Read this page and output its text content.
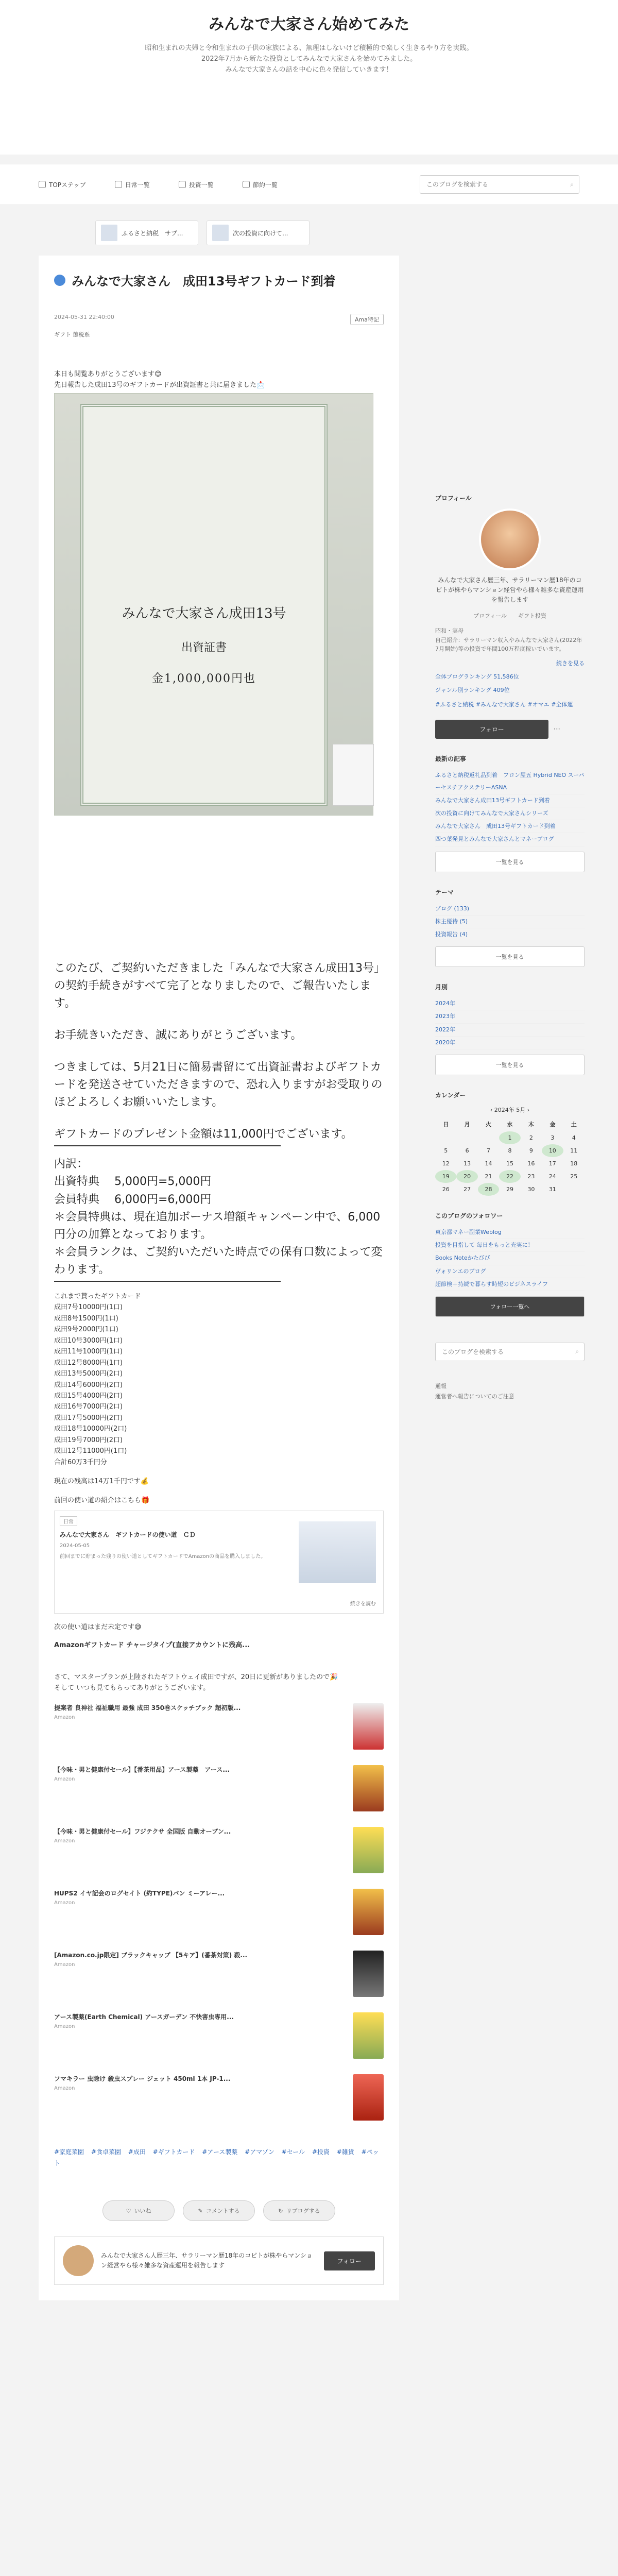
みんなで大家さん始めてみた
昭和生まれの夫婦と令和生まれの子供の家族による、無理はしないけど積極的で楽しく生きるやり方を実践。
2022年7月から新たな投資としてみんなで大家さんを始めてみました。
みんなで大家さんの話を中心に色々発信していきます！
TOPステップ	日常一覧	投資一覧	節約一覧
このブログを検索する	⌕
ふるさと納税　サプ...	次の投資に向けて...
みんなで大家さん　成田13号ギフトカード到着
2024-05-31 22:40:00	Ama特記
ギフト 節税系
本日も閲覧ありがとうございます😊
先日報告した成田13号のギフトカードが出資証書と共に届きました📩
みんなで大家さん成田13号
出資証書
金1,000,000円也

このたび、ご契約いただきました「みんなで大家さん成田13号」の契約手続きがすべて完了となりましたので、ご報告いたします。

お手続きいただき、誠にありがとうございます。

つきましては、5月21日に簡易書留にて出資証書およびギフトカードを発送させていただきますので、恐れ入りますがお受取りのほどよろしくお願いいたします。

ギフトカードのプレゼント金額は11,000円でございます。

内訳：
出資特典　 5,000円=5,000円
会員特典　 6,000円=6,000円
＊会員特典は、現在追加ボーナス増額キャンペーン中で、6,000円分の加算となっております。
＊会員ランクは、ご契約いただいた時点での保有口数によって変わります。
これまで貰ったギフトカード
成田7号10000円(1口)
成田8号1500円(1口)
成田9号2000円(1口)
成田10号3000円(1口)
成田11号1000円(1口)
成田12号8000円(1口)
成田13号5000円(2口)
成田14号6000円(2口)
成田15号4000円(2口)
成田16号7000円(2口)
成田17号5000円(2口)
成田18号10000円(2口)
成田19号7000円(2口)
成田12号11000円(1口)
合計60万3千円分
現在の残高は14万1千円です💰
前回の使い道の紹介はこちら🎁
日常
みんなで大家さん　ギフトカードの使い道　ＣＤ
2024-05-05
前回までに貯まった残りの使い道としてギフトカードでAmazonの商品を購入しました。
続きを読む
次の使い道はまだ未定です😅
Amazonギフトカード チャージタイプ(直接アカウントに残高...
さて、マスタープランが上陸されたギフトウェイ成田ですが、20日に更新がありましたので🎉
そして いつも見てもらってありがとうございます。
提案者 良神社 福祉職用 最強 成田 350巻スケッチブック 超初版...
Amazon
【今味・男と健康付セール】【番茶用品】アース製薬　アース...
Amazon
【今味・男と健康付セール】フジテクサ 全国版 自動オーブン...
Amazon
HUPS2 イヤ記会のログセイト (約TYPE)パン ミーアレー...
Amazon
[Amazon.co.jp限定] ブラックキャップ 【5キア】(番茶対策) 殺...
Amazon
アース製薬(Earth Chemical) アースガーデン 不快害虫専用...
Amazon
フマキラー 虫除け 殺虫スプレー ジェット 450ml 1本 JP-1...
Amazon
#家庭菜園 #食卓菜園 #成田 #ギフトカード #アース製薬 #アマゾン #セール #投資 #雑貨 #ペット
♡ いいね	✎ コメントする	↻ リブログする
みんなで大家さん人歴三年、サラリーマン歴18年のコビトが株やらマンション経営やら様々雑多な資産運用を報告します
フォロー
プロフィール
みんなで大家さん歴三年、サラリーマン歴18年のコビトが株やらマンション経営やら様々雑多な資産運用を報告します
プロフィール　　ギフト投資
昭和・実母
自己紹介：サラリーマン収入やみんなで大家さん(2022年7月開始)等の投資で年間100万程度稼いでいます。
続きを見る
全体ブログランキング 51,586位
ジャンル別ランキング 409位
#ふるさと納税 #みんなで大家さん #オマエ #全体運
フォロー	⋯
最新の記事
ふるさと納税返礼品到着　フロン屋五 Hybrid NEO スーパーセスチアクステリーASNA
みんなで大家さん成田13号ギフトカード到着
次の投資に向けてみんなで大家さんシリーズ
みんなで大家さん　成田13号ギフトカード到着
四つ葉発見とみんなで大家さんとマネーブログ
一覧を見る
テーマ
ブログ (133)
株主優待 (5)
投資報告 (4)
一覧を見る
月別
2024年
2023年
2022年
2020年
一覧を見る
カレンダー
‹ 2024年 5月 ›
日	月	火	水	木	金	土
			1	2	3	4
5	6	7	8	9	10	11
12	13	14	15	16	17	18
19	20	21	22	23	24	25
26	27	28	29	30	31	
このブログのフォロワー
東京都マネー副業Weblog
投資を目指して 毎日をもっと充実に！
Books Noteかたびび
ヴォリンエのブログ
超節検＋持続で暮らす時短のビジネスライフ
フォロー一覧へ
このブログを検索する
⌕
通報
運営者へ報告についてのご注意
